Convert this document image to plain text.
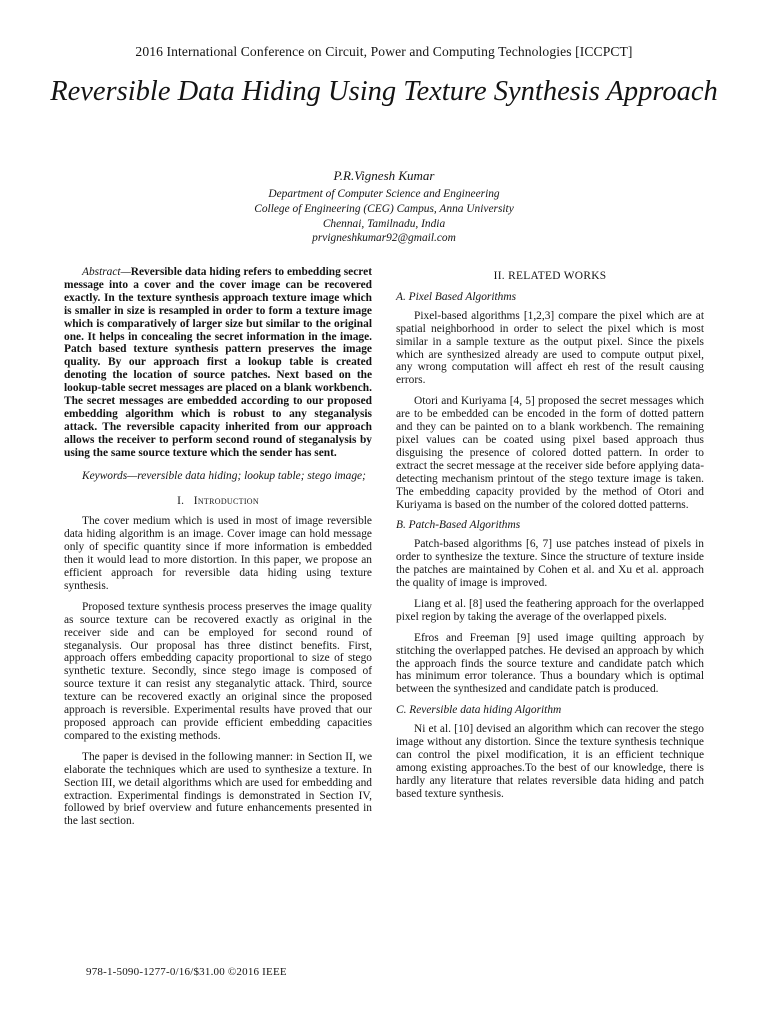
2016 International Conference on Circuit, Power and Computing Technologies [ICCPCT]
Reversible Data Hiding Using Texture Synthesis Approach
P.R.Vignesh Kumar
Department of Computer Science and Engineering
College of Engineering (CEG) Campus, Anna University
Chennai, Tamilnadu, India
prvigneshkumar92@gmail.com

Abstract—Reversible data hiding refers to embedding secret message into a cover and the cover image can be recovered exactly. In the texture synthesis approach texture image which is smaller in size is resampled in order to form a texture image which is comparatively of larger size but similar to the original one. It helps in concealing the secret information in the image. Patch based texture synthesis pattern preserves the image quality. By our approach first a lookup table is created denoting the location of source patches. Next based on the lookup-table secret messages are placed on a blank workbench. The secret messages are embedded according to our proposed embedding algorithm which is robust to any steganalysis attack. The reversible capacity inherited from our approach allows the receiver to perform second round of steganalysis by using the same source texture which the sender has sent.

Keywords—reversible data hiding; lookup table; stego image;

I. Introduction

The cover medium which is used in most of image reversible data hiding algorithm is an image. Cover image can hold message only of specific quantity since if more information is embedded then it would lead to more distortion. In this paper, we propose an efficient approach for reversible data hiding using texture synthesis.

Proposed texture synthesis process preserves the image quality as source texture can be recovered exactly as original in the receiver side and can be employed for second round of steganalysis. Our proposal has three distinct benefits. First, approach offers embedding capacity proportional to size of stego synthetic texture. Secondly, since stego image is composed of source texture it can resist any steganalytic attack. Third, source texture can be recovered exactly an original since the proposed approach is reversible. Experimental results have proved that our proposed approach can provide efficient embedding capacities compared to the existing methods.

The paper is devised in the following manner: in Section II, we elaborate the techniques which are used to synthesize a texture. In Section III, we detail algorithms which are used for embedding and extraction. Experimental findings is demonstrated in Section IV, followed by brief overview and future enhancements presented in the last section.

II. RELATED WORKS
A. Pixel Based Algorithms

Pixel-based algorithms [1,2,3] compare the pixel which are at spatial neighborhood in order to select the pixel which is most similar in a sample texture as the output pixel. Since the pixels which are synthesized already are used to compute output pixel, any wrong computation will affect eh rest of the result causing errors.

Otori and Kuriyama [4, 5] proposed the secret messages which are to be embedded can be encoded in the form of dotted pattern and they can be painted on to a blank workbench. The remaining pixel values can be coated using pixel based approach thus disguising the presence of colored dotted pattern. In order to extract the secret message at the receiver side before applying data-detecting mechanism printout of the stego texture image is taken. The embedding capacity provided by the method of Otori and Kuriyama is based on the number of the colored dotted patterns.

B. Patch-Based Algorithms

Patch-based algorithms [6, 7] use patches instead of pixels in order to synthesize the texture. Since the structure of texture inside the patches are maintained by Cohen et al. and Xu et al. approach the quality of image is improved.

Liang et al. [8] used the feathering approach for the overlapped pixel region by taking the average of the overlapped pixels.

Efros and Freeman [9] used image quilting approach by stitching the overlapped patches. He devised an approach by which the approach finds the source texture and candidate patch which has minimum error tolerance. Thus a boundary which is optimal between the synthesized and candidate patch is produced.

C. Reversible data hiding Algorithm

Ni et al. [10] devised an algorithm which can recover the stego image without any distortion. Since the texture synthesis technique can control the pixel modification, it is an efficient technique among existing approaches.To the best of our knowledge, there is hardly any literature that relates reversible data hiding and patch based texture synthesis.

978-1-5090-1277-0/16/$31.00 ©2016 IEEE
